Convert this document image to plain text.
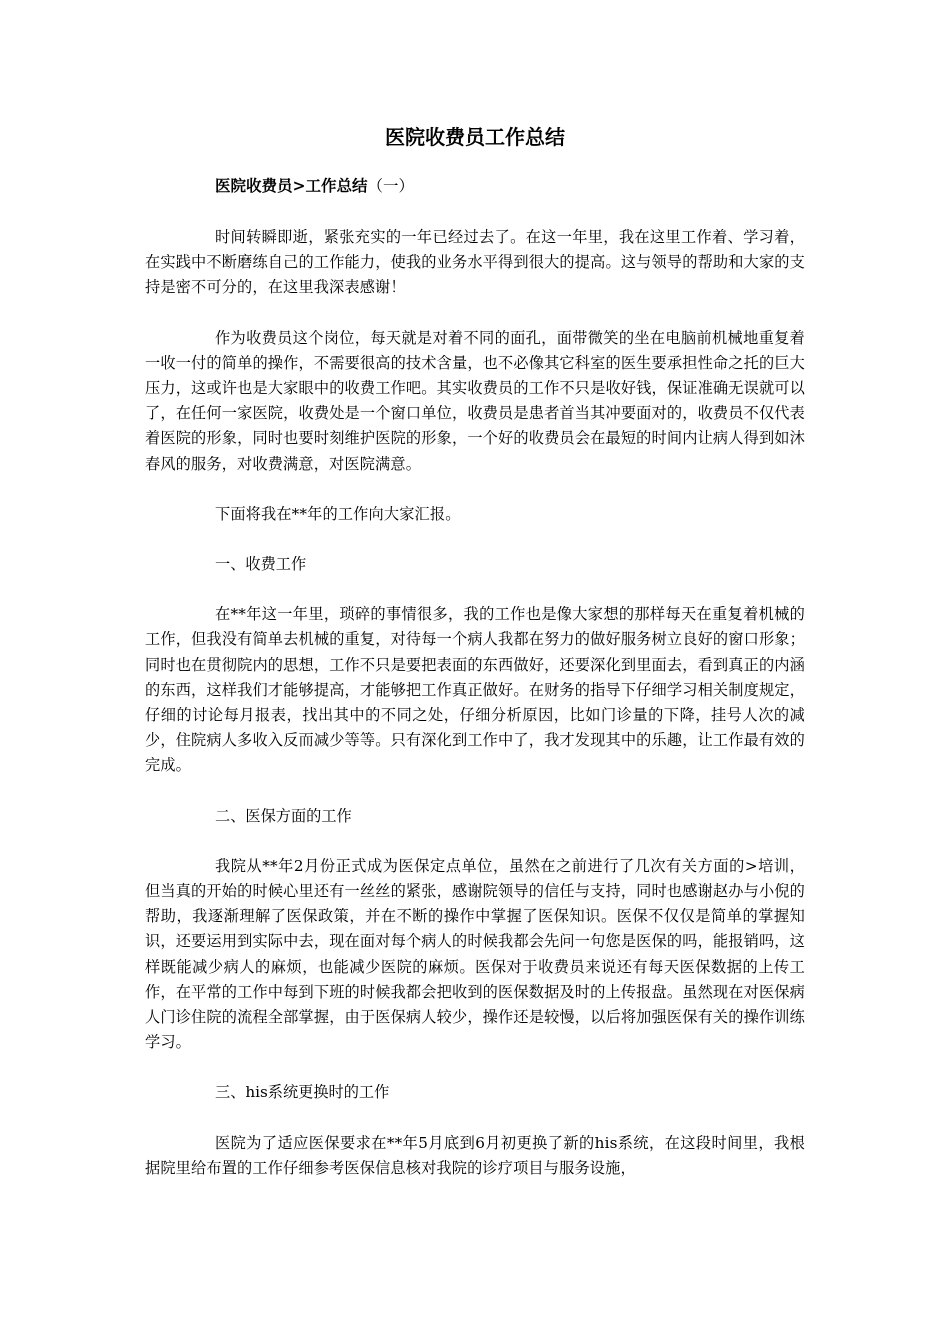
医院收费员工作总结

医院收费员>工作总结（一）

时间转瞬即逝，紧张充实的一年已经过去了。在这一年里，我在这里工作着、学习着，在实践中不断磨练自己的工作能力，使我的业务水平得到很大的提高。这与领导的帮助和大家的支持是密不可分的，在这里我深表感谢！

作为收费员这个岗位，每天就是对着不同的面孔，面带微笑的坐在电脑前机械地重复着一收一付的简单的操作，不需要很高的技术含量，也不必像其它科室的医生要承担性命之托的巨大压力，这或许也是大家眼中的收费工作吧。其实收费员的工作不只是收好钱，保证准确无误就可以了，在任何一家医院，收费处是一个窗口单位，收费员是患者首当其冲要面对的，收费员不仅代表着医院的形象，同时也要时刻维护医院的形象，一个好的收费员会在最短的时间内让病人得到如沐春风的服务，对收费满意，对医院满意。

下面将我在**年的工作向大家汇报。

一、收费工作

在**年这一年里，琐碎的事情很多，我的工作也是像大家想的那样每天在重复着机械的工作，但我没有简单去机械的重复，对待每一个病人我都在努力的做好服务树立良好的窗口形象；同时也在贯彻院内的思想，工作不只是要把表面的东西做好，还要深化到里面去，看到真正的内涵的东西，这样我们才能够提高，才能够把工作真正做好。在财务的指导下仔细学习相关制度规定，仔细的讨论每月报表，找出其中的不同之处，仔细分析原因，比如门诊量的下降，挂号人次的减少，住院病人多收入反而减少等等。只有深化到工作中了，我才发现其中的乐趣，让工作最有效的完成。

二、医保方面的工作

我院从**年2月份正式成为医保定点单位，虽然在之前进行了几次有关方面的>培训，但当真的开始的时候心里还有一丝丝的紧张，感谢院领导的信任与支持，同时也感谢赵办与小倪的帮助，我逐渐理解了医保政策，并在不断的操作中掌握了医保知识。医保不仅仅是简单的掌握知识，还要运用到实际中去，现在面对每个病人的时候我都会先问一句您是医保的吗，能报销吗，这样既能减少病人的麻烦，也能减少医院的麻烦。医保对于收费员来说还有每天医保数据的上传工作，在平常的工作中每到下班的时候我都会把收到的医保数据及时的上传报盘。虽然现在对医保病人门诊住院的流程全部掌握，由于医保病人较少，操作还是较慢，以后将加强医保有关的操作训练学习。

三、his系统更换时的工作

医院为了适应医保要求在**年5月底到6月初更换了新的his系统，在这段时间里，我根据院里给布置的工作仔细参考医保信息核对我院的诊疗项目与服务设施，
